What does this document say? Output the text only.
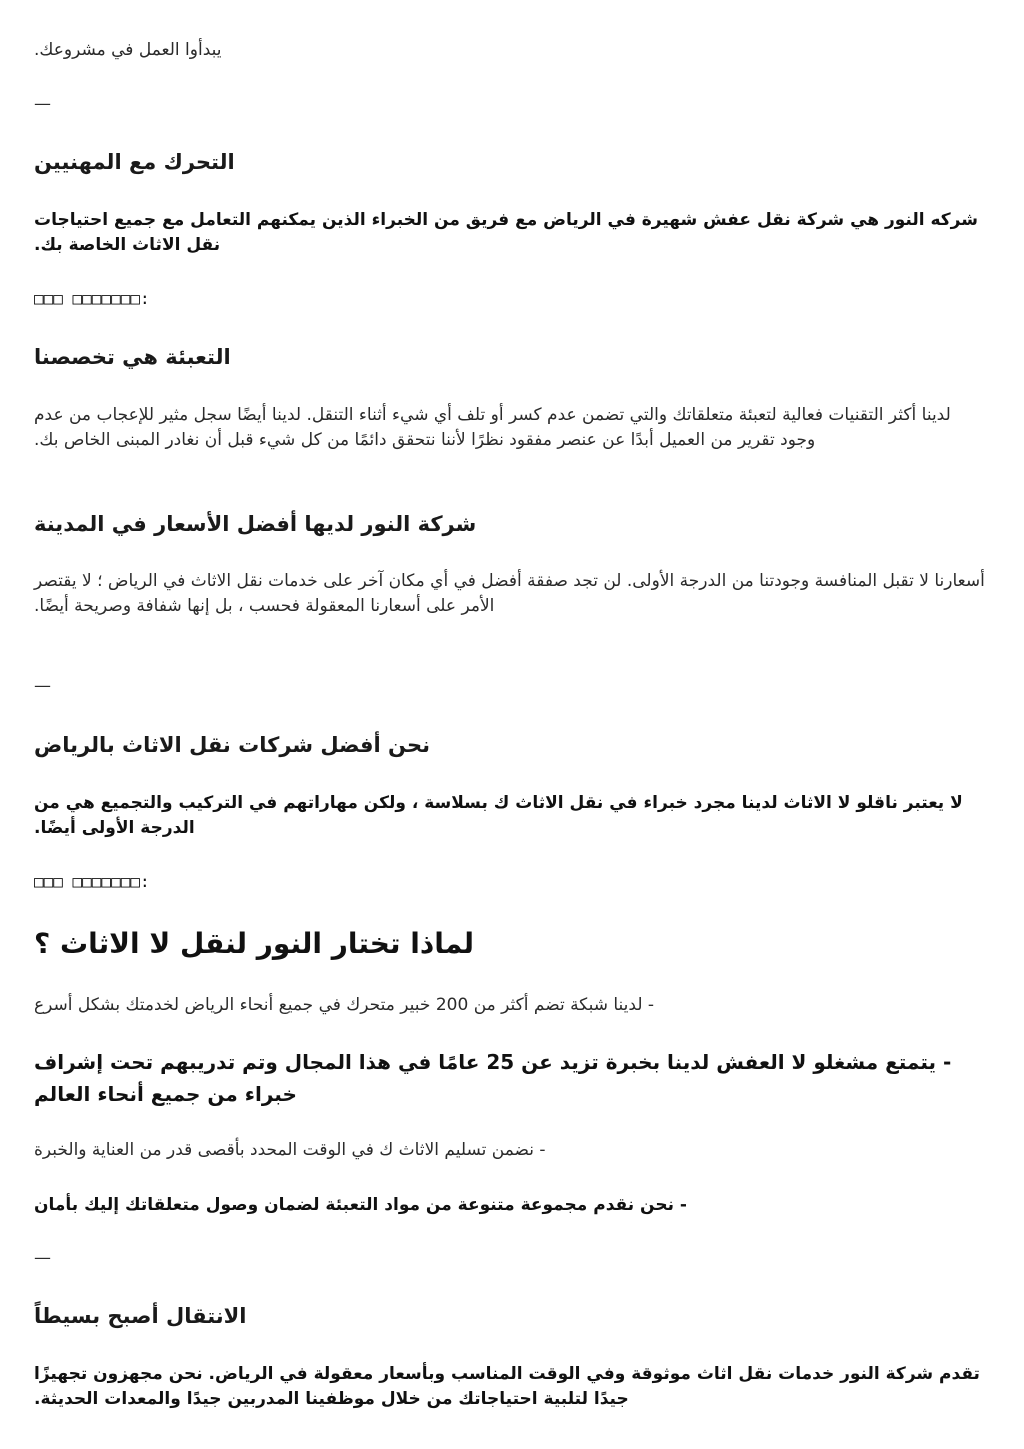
يبدأوا العمل في مشروعك.

—

التحرك مع المهنيين

شركه النور هي شركة نقل عفش شهيرة في الرياض مع فريق من الخبراء الذين يمكنهم التعامل مع جميع احتياجات نقل الاثاث الخاصة بك.

□□□ □□□□□□□:

التعبئة هي تخصصنا

لدينا أكثر التقنيات فعالية لتعبئة متعلقاتك والتي تضمن عدم كسر أو تلف أي شيء أثناء التنقل. لدينا أيضًا سجل مثير للإعجاب من عدم وجود تقرير من العميل أبدًا عن عنصر مفقود نظرًا لأننا نتحقق دائمًا من كل شيء قبل أن نغادر المبنى الخاص بك.

شركة النور لديها أفضل الأسعار في المدينة

أسعارنا لا تقبل المنافسة وجودتنا من الدرجة الأولى. لن تجد صفقة أفضل في أي مكان آخر على خدمات نقل الاثاث في الرياض ؛ لا يقتصر الأمر على أسعارنا المعقولة فحسب ، بل إنها شفافة وصريحة أيضًا.

—

نحن أفضل شركات نقل الاثاث بالرياض

لا يعتبر ناقلو لا الاثاث لدينا مجرد خبراء في نقل الاثاث ك بسلاسة ، ولكن مهاراتهم في التركيب والتجميع هي من الدرجة الأولى أيضًا.

□□□ □□□□□□□:

لماذا تختار النور لنقل لا الاثاث ؟

- لدينا شبكة تضم أكثر من 200 خبير متحرك في جميع أنحاء الرياض لخدمتك بشكل أسرع

- يتمتع مشغلو لا العفش لدينا بخبرة تزيد عن 25 عامًا في هذا المجال وتم تدريبهم تحت إشراف خبراء من جميع أنحاء العالم

- نضمن تسليم الاثاث ك في الوقت المحدد بأقصى قدر من العناية والخبرة

- نحن نقدم مجموعة متنوعة من مواد التعبئة لضمان وصول متعلقاتك إليك بأمان

—

الانتقال أصبح بسيطاً

تقدم شركة النور خدمات نقل اثاث موثوقة وفي الوقت المناسب وبأسعار معقولة في الرياض. نحن مجهزون تجهيزًا جيدًا لتلبية احتياجاتك من خلال موظفينا المدربين جيدًا والمعدات الحديثة.
